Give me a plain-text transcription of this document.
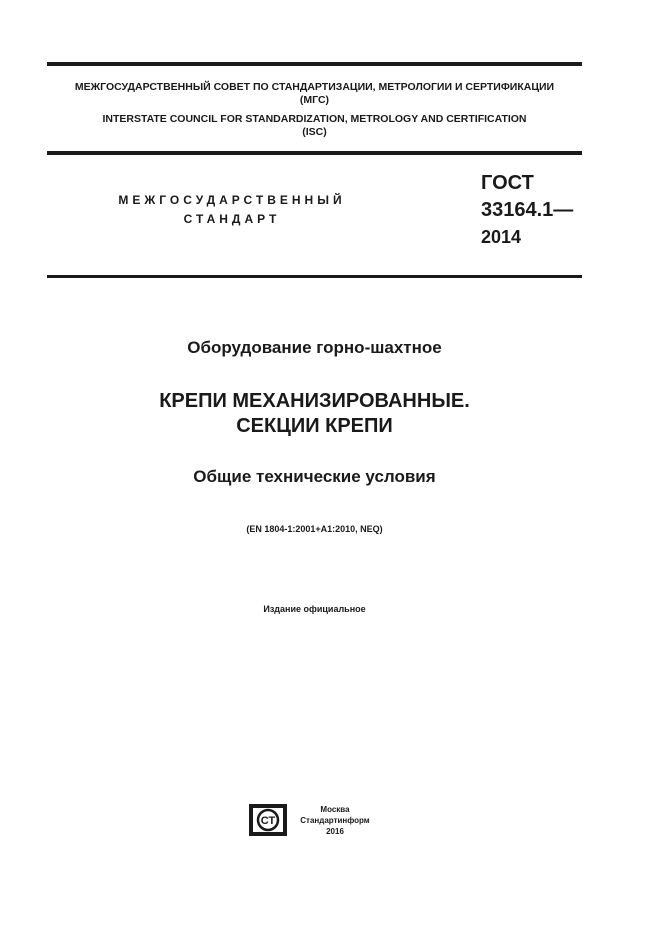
МЕЖГОСУДАРСТВЕННЫЙ СОВЕТ ПО СТАНДАРТИЗАЦИИ, МЕТРОЛОГИИ И СЕРТИФИКАЦИИ
(МГС)
INTERSTATE COUNCIL FOR STANDARDIZATION, METROLOGY AND CERTIFICATION
(ISC)
МЕЖГОСУДАРСТВЕННЫЙ
СТАНДАРТ
ГОСТ
33164.1—
2014
Оборудование горно-шахтное
КРЕПИ МЕХАНИЗИРОВАННЫЕ.
СЕКЦИИ КРЕПИ
Общие технические условия
(EN 1804-1:2001+A1:2010, NEQ)
Издание официальное
СТ
Москва
Стандартинформ
2016
